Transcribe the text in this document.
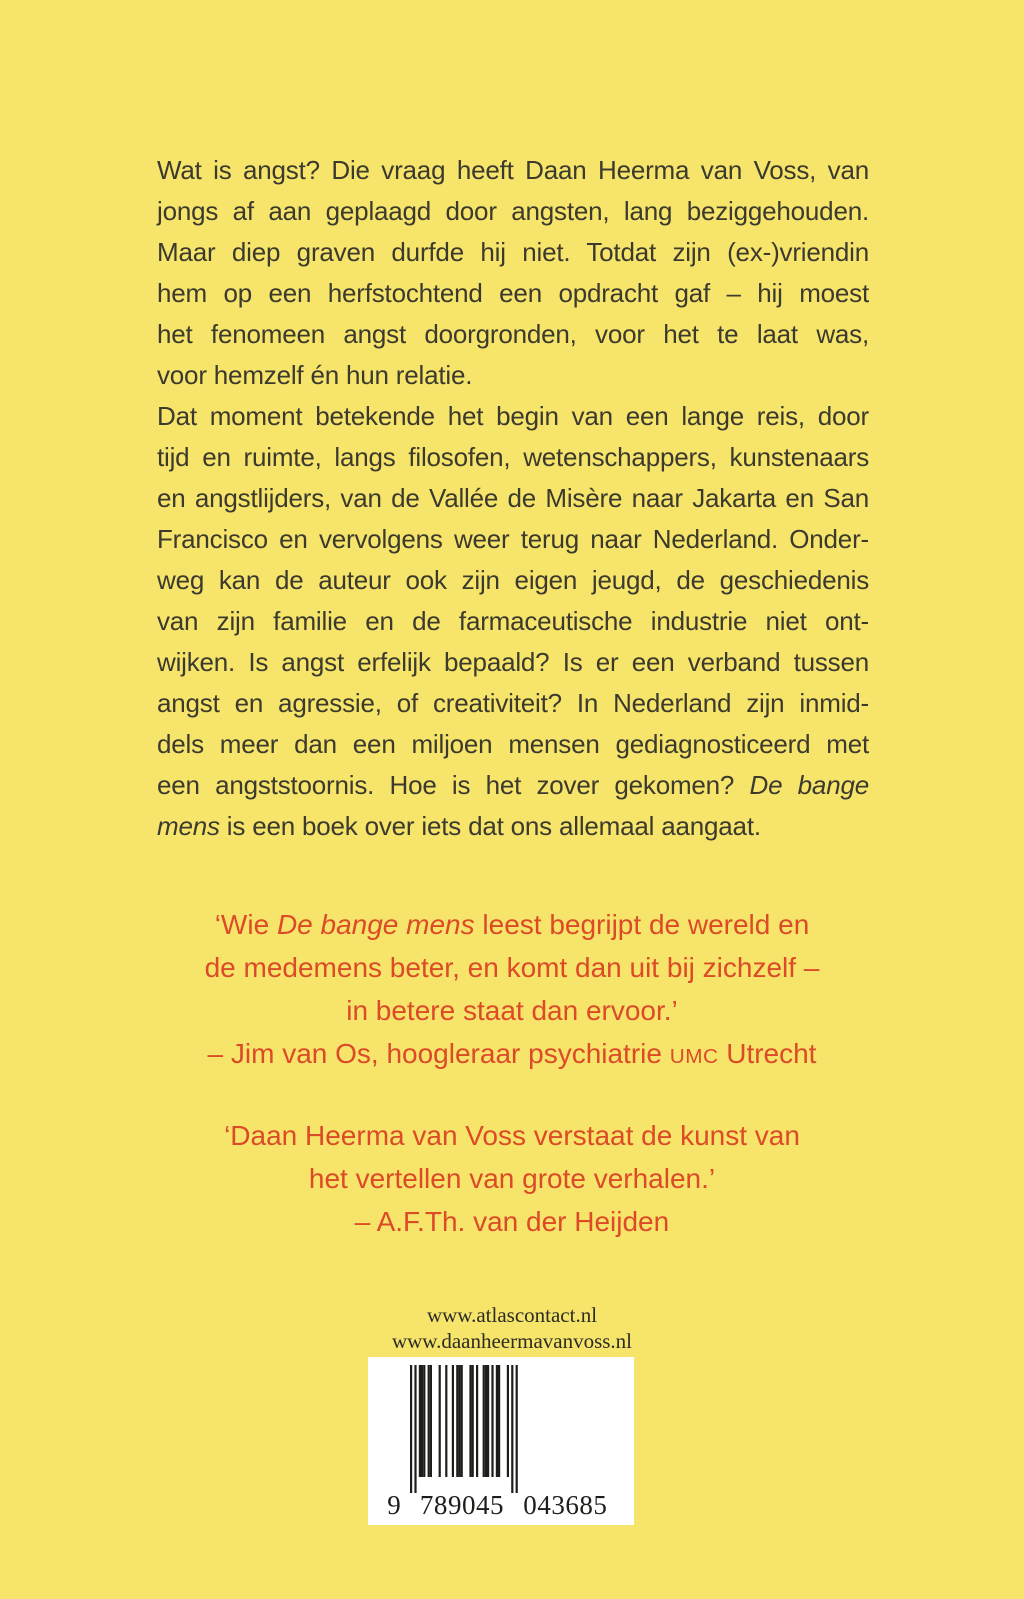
Wat is angst? Die vraag heeft Daan Heerma van Voss, van
jongs af aan geplaagd door angsten, lang beziggehouden.
Maar diep graven durfde hij niet. Totdat zijn (ex-)vriendin
hem op een herfstochtend een opdracht gaf – hij moest
het fenomeen angst doorgronden, voor het te laat was,
voor hemzelf én hun relatie.
Dat moment betekende het begin van een lange reis, door
tijd en ruimte, langs filosofen, wetenschappers, kunstenaars
en angstlijders, van de Vallée de Misère naar Jakarta en San
Francisco en vervolgens weer terug naar Nederland. Onder-
weg kan de auteur ook zijn eigen jeugd, de geschiedenis
van zijn familie en de farmaceutische industrie niet ont-
wijken. Is angst erfelijk bepaald? Is er een verband tussen
angst en agressie, of creativiteit? In Nederland zijn inmid-
dels meer dan een miljoen mensen gediagnosticeerd met
een angststoornis. Hoe is het zover gekomen? De bange
mens is een boek over iets dat ons allemaal aangaat.
‘Wie De bange mens leest begrijpt de wereld en
de medemens beter, en komt dan uit bij zichzelf –
in betere staat dan ervoor.’
– Jim van Os, hoogleraar psychiatrie UMC Utrecht
‘Daan Heerma van Voss verstaat de kunst van
het vertellen van grote verhalen.’
– A.F.Th. van der Heijden
www.atlascontact.nl
www.daanheermavanvoss.nl
9 789045 043685
